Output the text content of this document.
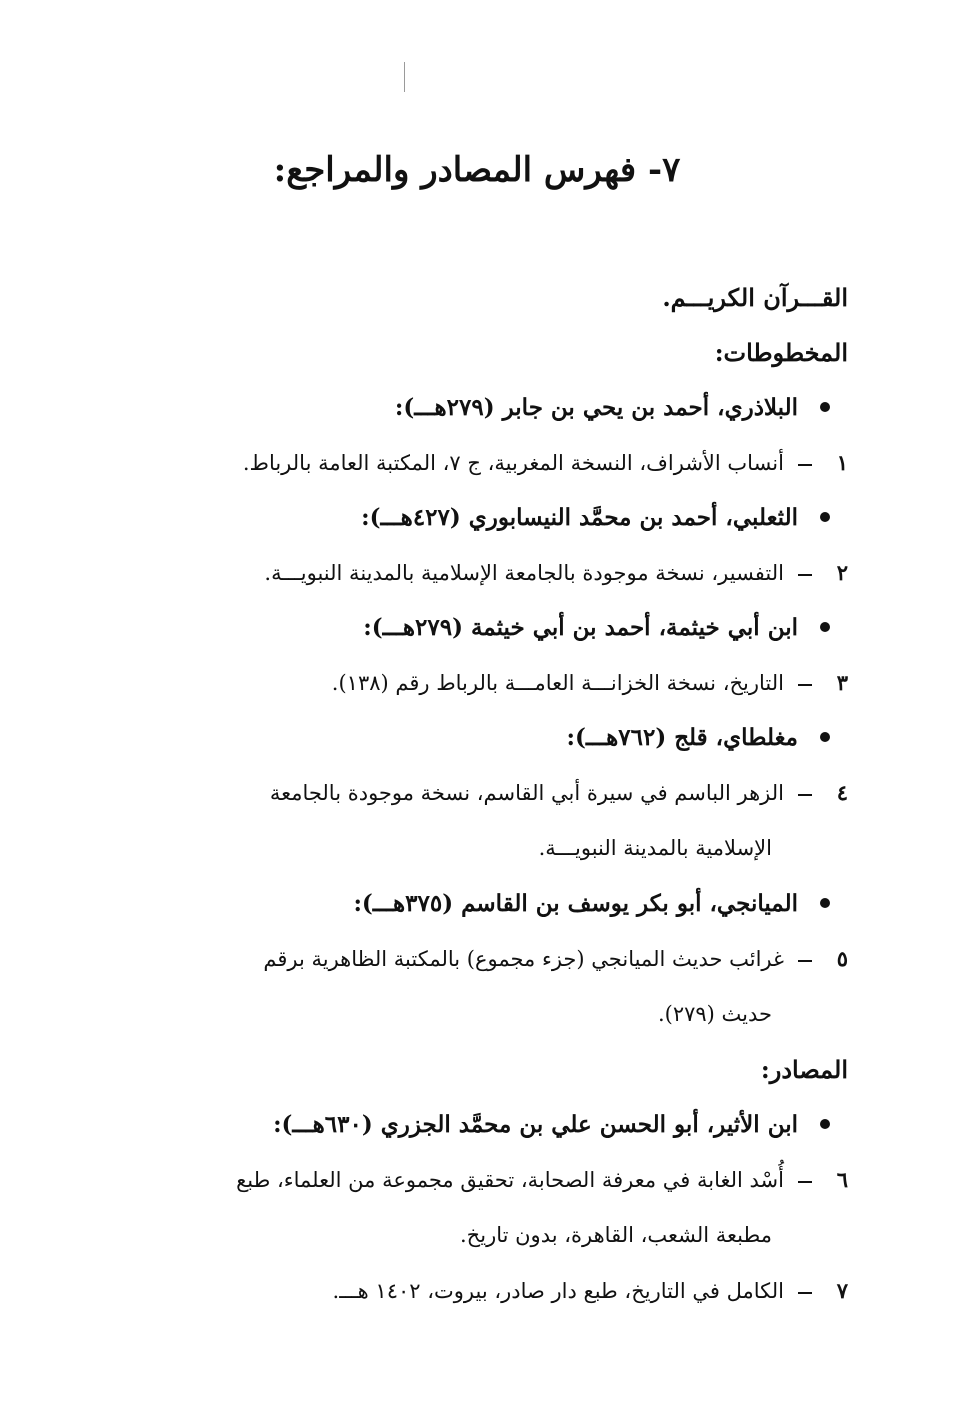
٧- فهرس المصادر والمراجع:
القـــرآن الكريـــم.
المخطوطات:
البلاذري، أحمد بن يحي بن جابر (٢٧٩هـــ):
١أنساب الأشراف، النسخة المغربية، ج ٧، المكتبة العامة بالرباط.
الثعلبي، أحمد بن محمَّد النيسابوري (٤٢٧هـــ):
٢التفسير، نسخة موجودة بالجامعة الإسلامية بالمدينة النبويـــة.
ابن أبي خيثمة، أحمد بن أبي خيثمة (٢٧٩هـــ):
٣التاريخ، نسخة الخزانـــة العامـــة بالرباط رقم (١٣٨).
مغلطاي، قلج (٧٦٢هـــ):
٤الزهر الباسم في سيرة أبي القاسم، نسخة موجودة بالجامعة
الإسلامية بالمدينة النبويـــة.
الميانجي، أبو بكر يوسف بن القاسم (٣٧٥هـــ):
٥غرائب حديث الميانجي (جزء مجموع) بالمكتبة الظاهرية برقم
حديث (٢٧٩).
المصادر:
ابن الأثير، أبو الحسن علي بن محمَّد الجزري (٦٣٠هـــ):
٦أُسْد الغابة في معرفة الصحابة، تحقيق مجموعة من العلماء، طبع
مطبعة الشعب، القاهرة، بدون تاريخ.
٧الكامل في التاريخ، طبع دار صادر، بيروت، ١٤٠٢ هـــ.
